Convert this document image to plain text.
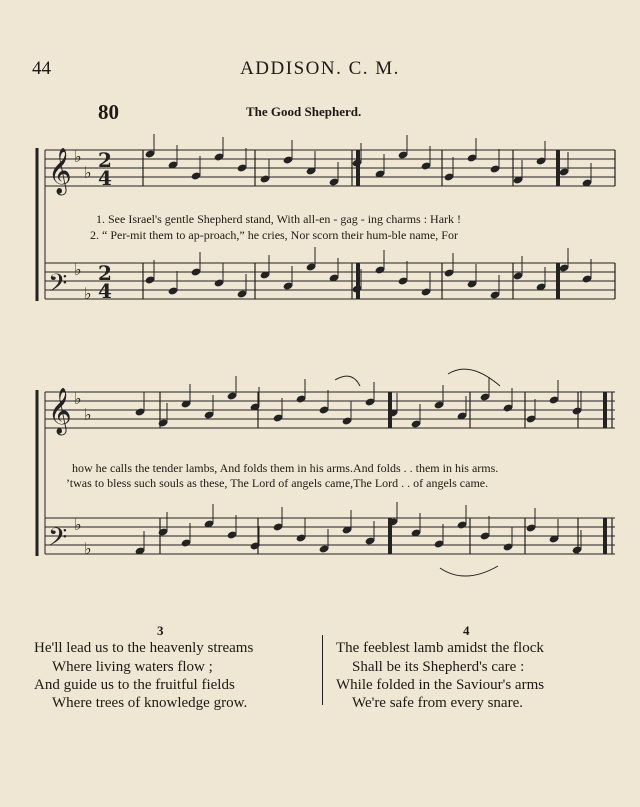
44	ADDISON. C. M.
80	The Good Shepherd.
𝄞
𝄢
𝄞
𝄢
♭
♭
♭
♭
♭
♭
♭
♭
2
4
2
4
1. See Israel's gentle Shepherd stand, With all-en - gag - ing charms : Hark !
2. “ Per-mit them to ap-proach,” he cries, Nor scorn their hum-ble name, For
how he calls the tender lambs, And folds them in his arms.And folds . . them in his arms.
’twas to bless such souls as these, The Lord of angels came,The Lord . . of angels came.
3
He'll lead us to the heavenly streams
Where living waters flow ;
And guide us to the fruitful fields
Where trees of knowledge grow.
4
The feeblest lamb amidst the flock
Shall be its Shepherd's care :
While folded in the Saviour's arms
We're safe from every snare.
